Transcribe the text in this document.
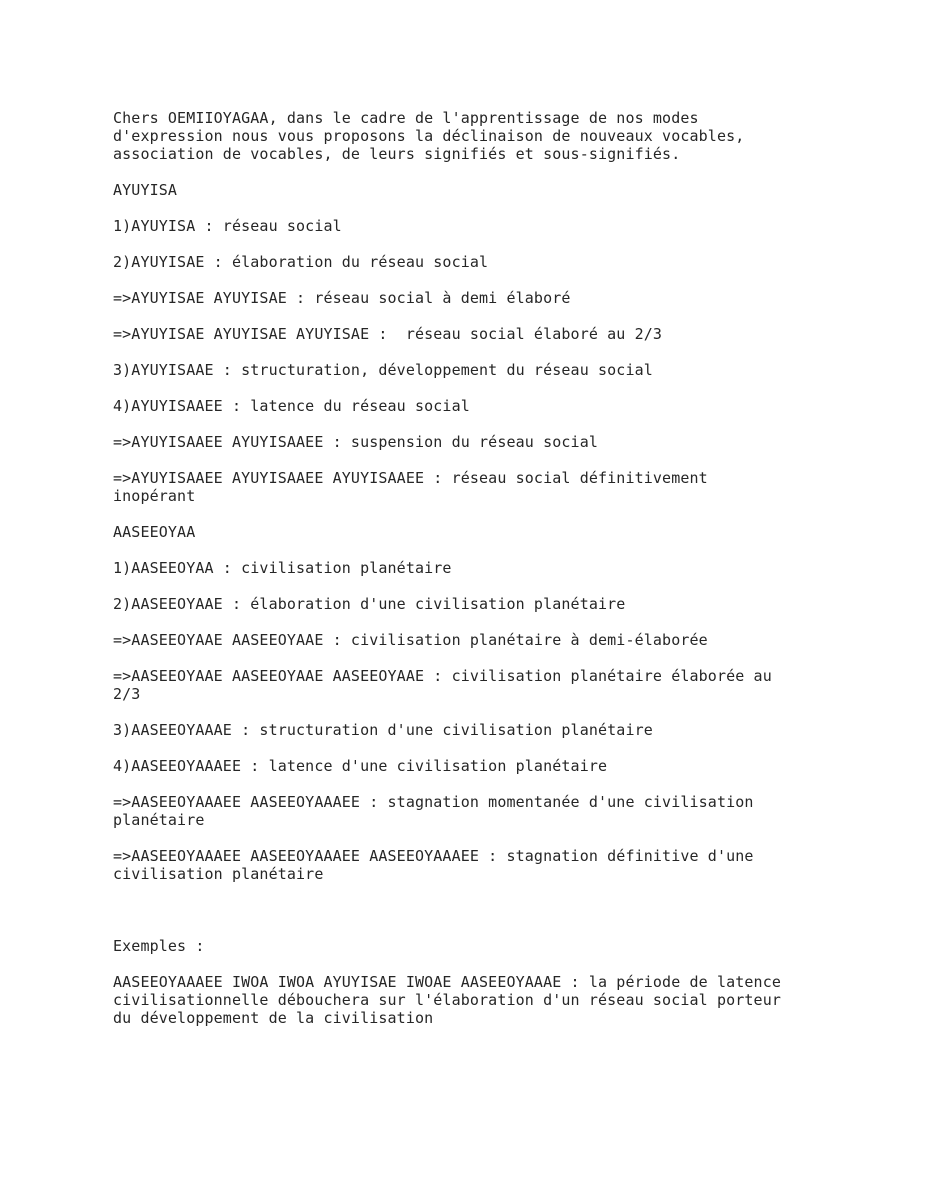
Chers OEMIIOYAGAA, dans le cadre de l'apprentissage de nos modes
d'expression nous vous proposons la déclinaison de nouveaux vocables,
association de vocables, de leurs signifiés et sous-signifiés.

AYUYISA

1)AYUYISA : réseau social

2)AYUYISAE : élaboration du réseau social

=>AYUYISAE AYUYISAE : réseau social à demi élaboré

=>AYUYISAE AYUYISAE AYUYISAE :  réseau social élaboré au 2/3

3)AYUYISAAE : structuration, développement du réseau social

4)AYUYISAAEE : latence du réseau social

=>AYUYISAAEE AYUYISAAEE : suspension du réseau social

=>AYUYISAAEE AYUYISAAEE AYUYISAAEE : réseau social définitivement
inopérant

AASEEOYAA

1)AASEEOYAA : civilisation planétaire

2)AASEEOYAAE : élaboration d'une civilisation planétaire

=>AASEEOYAAE AASEEOYAAE : civilisation planétaire à demi-élaborée

=>AASEEOYAAE AASEEOYAAE AASEEOYAAE : civilisation planétaire élaborée au
2/3

3)AASEEOYAAAE : structuration d'une civilisation planétaire

4)AASEEOYAAAEE : latence d'une civilisation planétaire

=>AASEEOYAAAEE AASEEOYAAAEE : stagnation momentanée d'une civilisation
planétaire

=>AASEEOYAAAEE AASEEOYAAAEE AASEEOYAAAEE : stagnation définitive d'une
civilisation planétaire

Exemples :

AASEEOYAAAEE IWOA IWOA AYUYISAE IWOAE AASEEOYAAAE : la période de latence
civilisationnelle débouchera sur l'élaboration d'un réseau social porteur
du développement de la civilisation
